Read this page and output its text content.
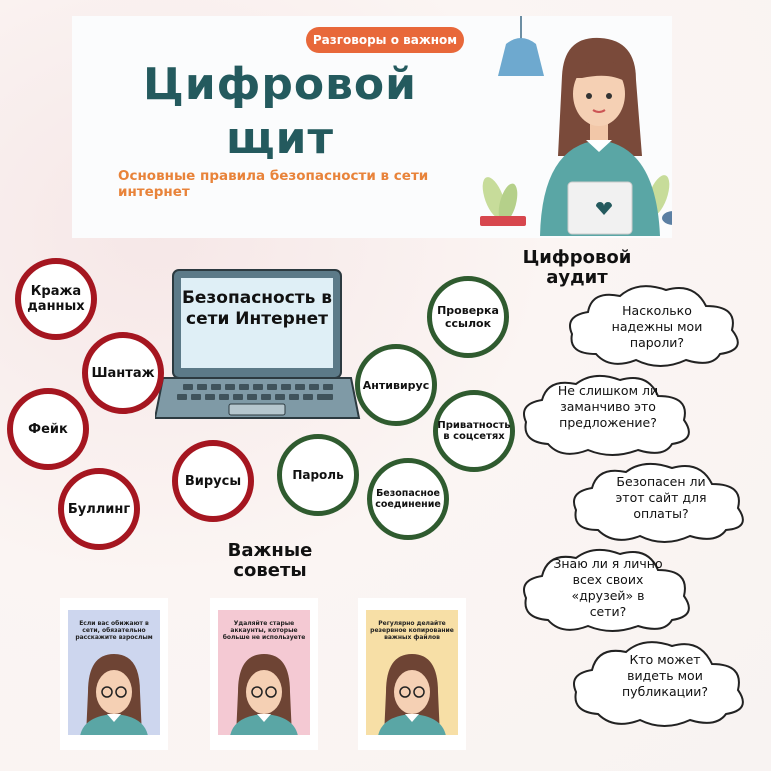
Разговоры о важном
Цифровой
щит
Основные правила безопасности в сети интернет
Безопасность в сети Интернет
Кража данных
Шантаж
Фейк
Буллинг
Вирусы
Проверка ссылок
Антивирус
Приватность в соцсетях
Пароль
Безопасное соединение
Цифровой аудит
Насколько надежны мои пароли?
Не слишком ли заманчиво это предложение?
Безопасен ли этот сайт для оплаты?
Знаю ли я лично всех своих «друзей» в сети?
Кто может видеть мои публикации?
Важные советы
Если вас обижают в сети, обязательно расскажите взрослым
Удаляйте старые аккаунты, которые больше не используете
Регулярно делайте резервное копирование важных файлов
